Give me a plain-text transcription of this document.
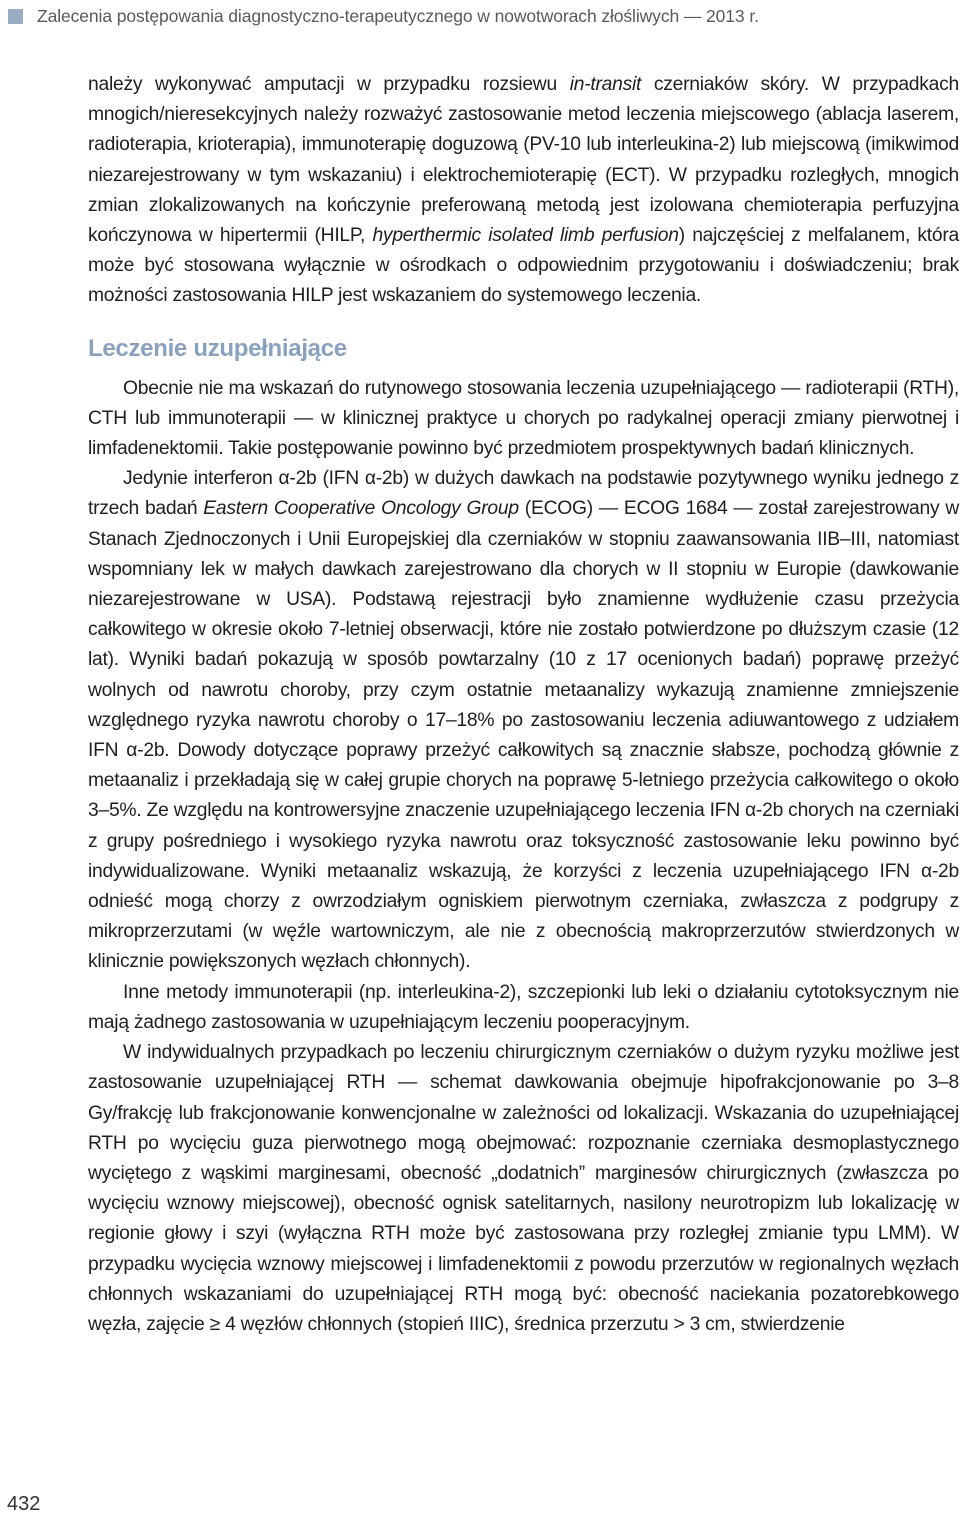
Zalecenia postępowania diagnostyczno-terapeutycznego w nowotworach złośliwych — 2013 r.

należy wykonywać amputacji w przypadku rozsiewu in-transit czerniaków skóry. W przypadkach mnogich/nieresekcyjnych należy rozważyć zastosowanie metod leczenia miejscowego (ablacja laserem, radioterapia, krioterapia), immunoterapię doguzową (PV-10 lub interleukina-2) lub miejscową (imikwimod niezarejestrowany w tym wskazaniu) i elektrochemioterapię (ECT). W przypadku rozległych, mnogich zmian zlokalizowanych na kończynie preferowaną metodą jest izolowana chemioterapia perfuzyjna kończynowa w hipertermii (HILP, hyperthermic isolated limb perfusion) najczęściej z melfalanem, która może być stosowana wyłącznie w ośrodkach o odpowiednim przygotowaniu i doświadczeniu; brak możności zastosowania HILP jest wskazaniem do systemowego leczenia.

Leczenie uzupełniające

Obecnie nie ma wskazań do rutynowego stosowania leczenia uzupełniającego — radioterapii (RTH), CTH lub immunoterapii — w klinicznej praktyce u chorych po radykalnej operacji zmiany pierwotnej i limfadenektomii. Takie postępowanie powinno być przedmiotem prospektywnych badań klinicznych.

Jedynie interferon α-2b (IFN α-2b) w dużych dawkach na podstawie pozytywnego wyniku jednego z trzech badań Eastern Cooperative Oncology Group (ECOG) — ECOG 1684 — został zarejestrowany w Stanach Zjednoczonych i Unii Europejskiej dla czerniaków w stopniu zaawansowania IIB–III, natomiast wspomniany lek w małych dawkach zarejestrowano dla chorych w II stopniu w Europie (dawkowanie niezarejestrowane w USA). Podstawą rejestracji było znamienne wydłużenie czasu przeżycia całkowitego w okresie około 7-letniej obserwacji, które nie zostało potwierdzone po dłuższym czasie (12 lat). Wyniki badań pokazują w sposób powtarzalny (10 z 17 ocenionych badań) poprawę przeżyć wolnych od nawrotu choroby, przy czym ostatnie metaanalizy wykazują znamienne zmniejszenie względnego ryzyka nawrotu choroby o 17–18% po zastosowaniu leczenia adiuwantowego z udziałem IFN α-2b. Dowody dotyczące poprawy przeżyć całkowitych są znacznie słabsze, pochodzą głównie z metaanaliz i przekładają się w całej grupie chorych na poprawę 5-letniego przeżycia całkowitego o około 3–5%. Ze względu na kontrowersyjne znaczenie uzupełniającego leczenia IFN α-2b chorych na czerniaki z grupy pośredniego i wysokiego ryzyka nawrotu oraz toksyczność zastosowanie leku powinno być indywidualizowane. Wyniki metaanaliz wskazują, że korzyści z leczenia uzupełniającego IFN α-2b odnieść mogą chorzy z owrzodziałym ogniskiem pierwotnym czerniaka, zwłaszcza z podgrupy z mikroprzerzutami (w węźle wartowniczym, ale nie z obecnością makroprzerzutów stwierdzonych w klinicznie powiększonych węzłach chłonnych).

Inne metody immunoterapii (np. interleukina-2), szczepionki lub leki o działaniu cytotoksycznym nie mają żadnego zastosowania w uzupełniającym leczeniu pooperacyjnym.

W indywidualnych przypadkach po leczeniu chirurgicznym czerniaków o dużym ryzyku możliwe jest zastosowanie uzupełniającej RTH — schemat dawkowania obejmuje hipofrakcjonowanie po 3–8 Gy/frakcję lub frakcjonowanie konwencjonalne w zależności od lokalizacji. Wskazania do uzupełniającej RTH po wycięciu guza pierwotnego mogą obejmować: rozpoznanie czerniaka desmoplastycznego wyciętego z wąskimi marginesami, obecność „dodatnich” marginesów chirurgicznych (zwłaszcza po wycięciu wznowy miejscowej), obecność ognisk satelitarnych, nasilony neurotropizm lub lokalizację w regionie głowy i szyi (wyłączna RTH może być zastosowana przy rozległej zmianie typu LMM). W przypadku wycięcia wznowy miejscowej i limfadenektomii z powodu przerzutów w regionalnych węzłach chłonnych wskazaniami do uzupełniającej RTH mogą być: obecność naciekania pozatorebkowego węzła, zajęcie ≥ 4 węzłów chłonnych (stopień IIIC), średnica przerzutu > 3 cm, stwierdzenie

432
